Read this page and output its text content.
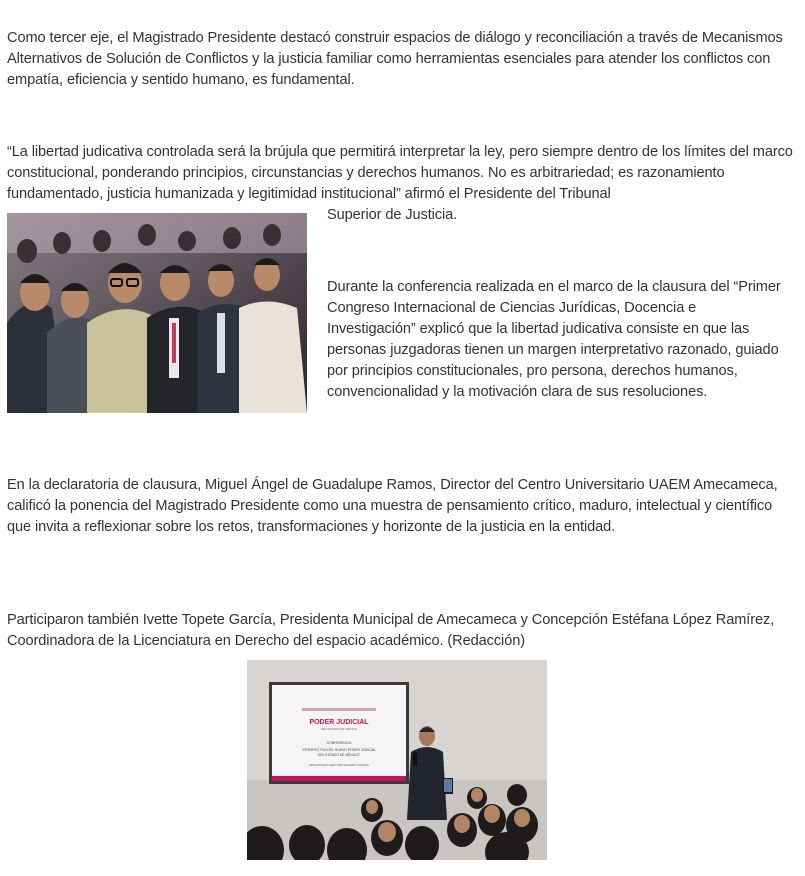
Como tercer eje, el Magistrado Presidente destacó construir espacios de diálogo y reconciliación a través de Mecanismos Alternativos de Solución de Conflictos y la justicia familiar como herramientas esenciales para atender los conflictos con empatía, eficiencia y sentido humano, es fundamental.

“La libertad judicativa controlada será la brújula que permitirá interpretar la ley, pero siempre dentro de los límites del marco constitucional, ponderando principios, circunstancias y derechos humanos. No es arbitrariedad; es razonamiento fundamentado, justicia humanizada y legitimidad institucional” afirmó el Presidente del Tribunal
Superior de Justicia.

Durante la conferencia realizada en el marco de la clausura del “Primer Congreso Internacional de Ciencias Jurídicas, Docencia e Investigación” explicó que la libertad judicativa consiste en que las personas juzgadoras tienen un margen interpretativo razonado, guiado por principios constitucionales, pro persona, derechos humanos, convencionalidad y la motivación clara de sus resoluciones.

En la declaratoria de clausura, Miguel Ángel de Guadalupe Ramos, Director del Centro Universitario UAEM Amecameca, calificó la ponencia del Magistrado Presidente como una muestra de pensamiento crítico, maduro, intelectual y científico que invita a reflexionar sobre los retos, transformaciones y horizonte de la justicia en la entidad.

Participaron también Ivette Topete García, Presidenta Municipal de Amecameca y Concepción Estéfana López Ramírez, Coordinadora de la Licenciatura en Derecho del espacio académico. (Redacción)

PODER JUDICIAL
DEL ESTADO DE MÉXICO
CONFERENCIA
“PERSPECTIVA DEL NUEVO PODER JUDICIAL
DEL ESTADO DE MÉXICO”
MAGISTRADO HÉCTOR MACEDO GARCÍA
